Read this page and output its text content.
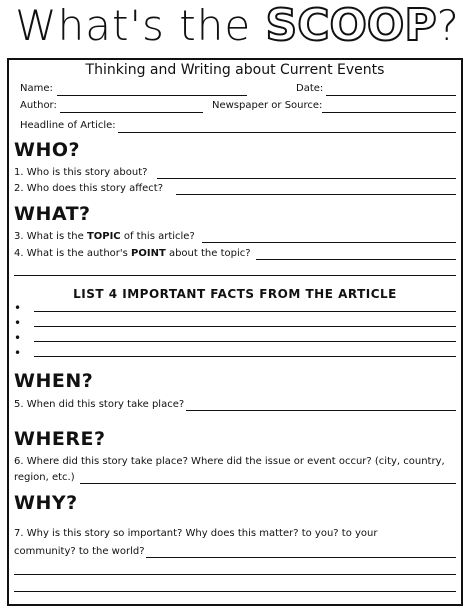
What's the SCOOP?
Thinking and Writing about Current Events
Name:	Date:
Author:	Newspaper or Source:
Headline of Article:
WHO?
1. Who is this story about?
2. Who does this story affect?
WHAT?
3. What is the TOPIC of this article?
4. What is the author's POINT about the topic?
LIST 4 IMPORTANT FACTS FROM THE ARTICLE
•
•
•
•
WHEN?
5. When did this story take place?
WHERE?
6. Where did this story take place? Where did the issue or event occur? (city, country,
region, etc.)
WHY?
7. Why is this story so important? Why does this matter? to you? to your
community? to the world?
